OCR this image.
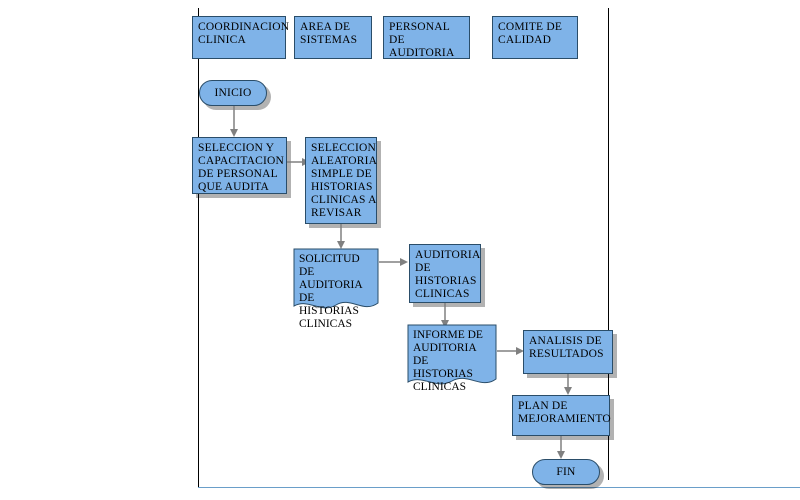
COORDINACION CLINICA
AREA DE SISTEMAS
PERSONAL DE AUDITORIA
COMITE DE CALIDAD
INICIO
SELECCION Y CAPACITACION DE PERSONAL QUE AUDITA
SELECCION ALEATORIA SIMPLE DE HISTORIAS CLINICAS A REVISAR
SOLICITUD DE AUDITORIA DE HISTORIAS CLINICAS
AUDITORIA DE HISTORIAS CLINICAS
INFORME DE AUDITORIA DE HISTORIAS CLINICAS
ANALISIS DE RESULTADOS
PLAN DE MEJORAMIENTO
FIN
